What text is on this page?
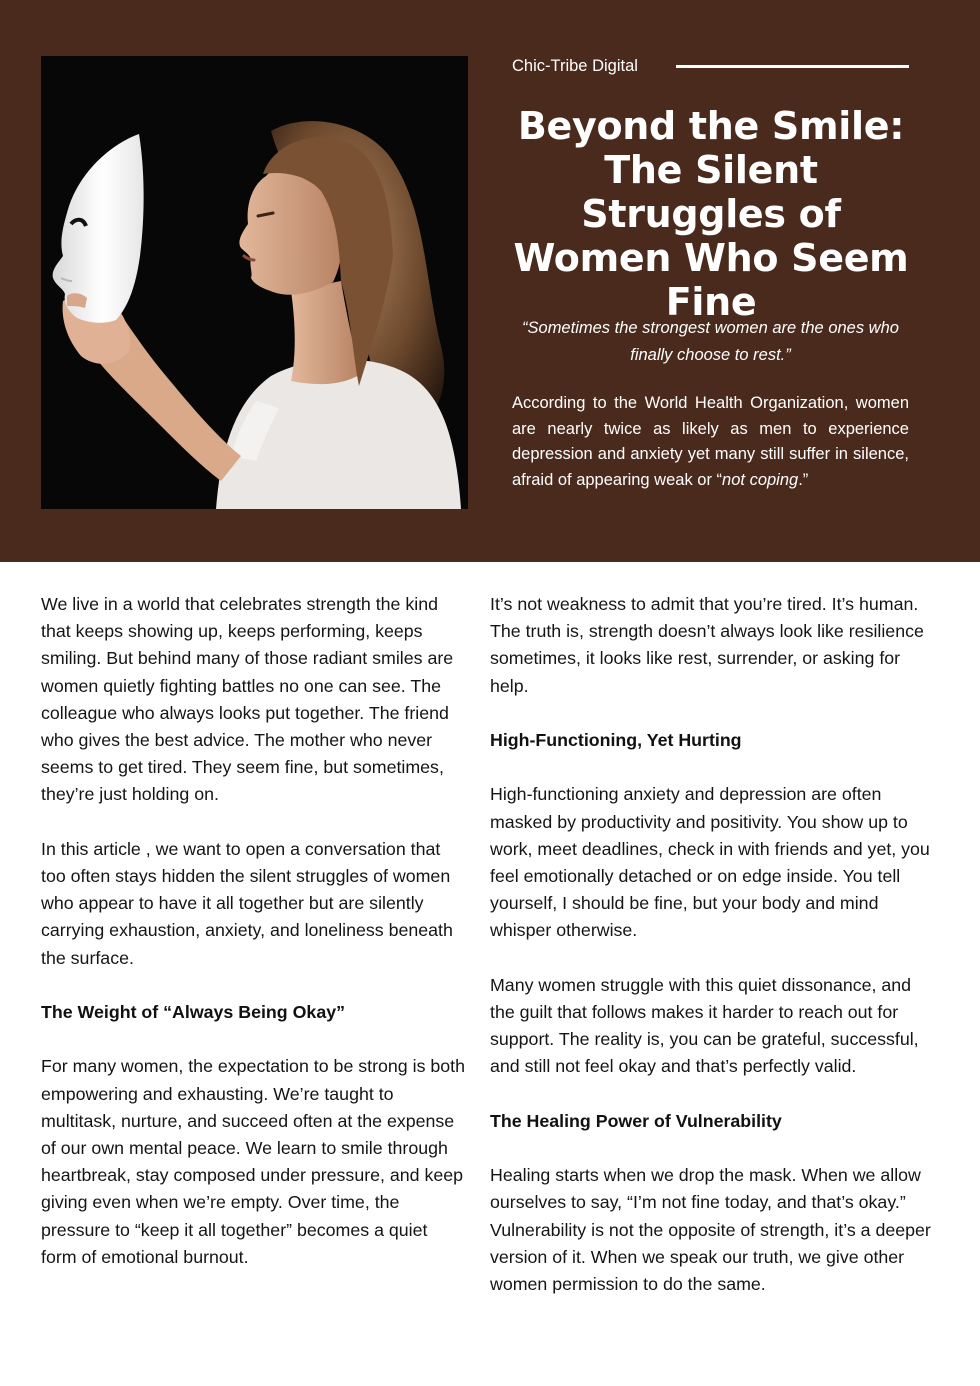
Chic-Tribe Digital
Beyond the Smile: The Silent Struggles of Women Who Seem Fine
“Sometimes the strongest women are the ones who finally choose to rest.”
According to the World Health Organization, women are nearly twice as likely as men to experience depression and anxiety yet many still suffer in silence, afraid of appearing weak or “not coping.”

We live in a world that celebrates strength the kind that keeps showing up, keeps performing, keeps smiling. But behind many of those radiant smiles are women quietly fighting battles no one can see. The colleague who always looks put together. The friend who gives the best advice. The mother who never seems to get tired. They seem fine, but sometimes, they’re just holding on.

In this article , we want to open a conversation that too often stays hidden the silent struggles of women who appear to have it all together but are silently carrying exhaustion, anxiety, and loneliness beneath the surface.

The Weight of “Always Being Okay”

For many women, the expectation to be strong is both empowering and exhausting. We’re taught to multitask, nurture, and succeed often at the expense of our own mental peace. We learn to smile through heartbreak, stay composed under pressure, and keep giving even when we’re empty. Over time, the pressure to “keep it all together” becomes a quiet form of emotional burnout.

It’s not weakness to admit that you’re tired. It’s human. The truth is, strength doesn’t always look like resilience sometimes, it looks like rest, surrender, or asking for help.

High-Functioning, Yet Hurting

High-functioning anxiety and depression are often masked by productivity and positivity. You show up to work, meet deadlines, check in with friends and yet, you feel emotionally detached or on edge inside. You tell yourself, I should be fine, but your body and mind whisper otherwise.

Many women struggle with this quiet dissonance, and the guilt that follows makes it harder to reach out for support. The reality is, you can be grateful, successful, and still not feel okay and that’s perfectly valid.

The Healing Power of Vulnerability

Healing starts when we drop the mask. When we allow ourselves to say, “I’m not fine today, and that’s okay.” Vulnerability is not the opposite of strength, it’s a deeper version of it. When we speak our truth, we give other women permission to do the same.
